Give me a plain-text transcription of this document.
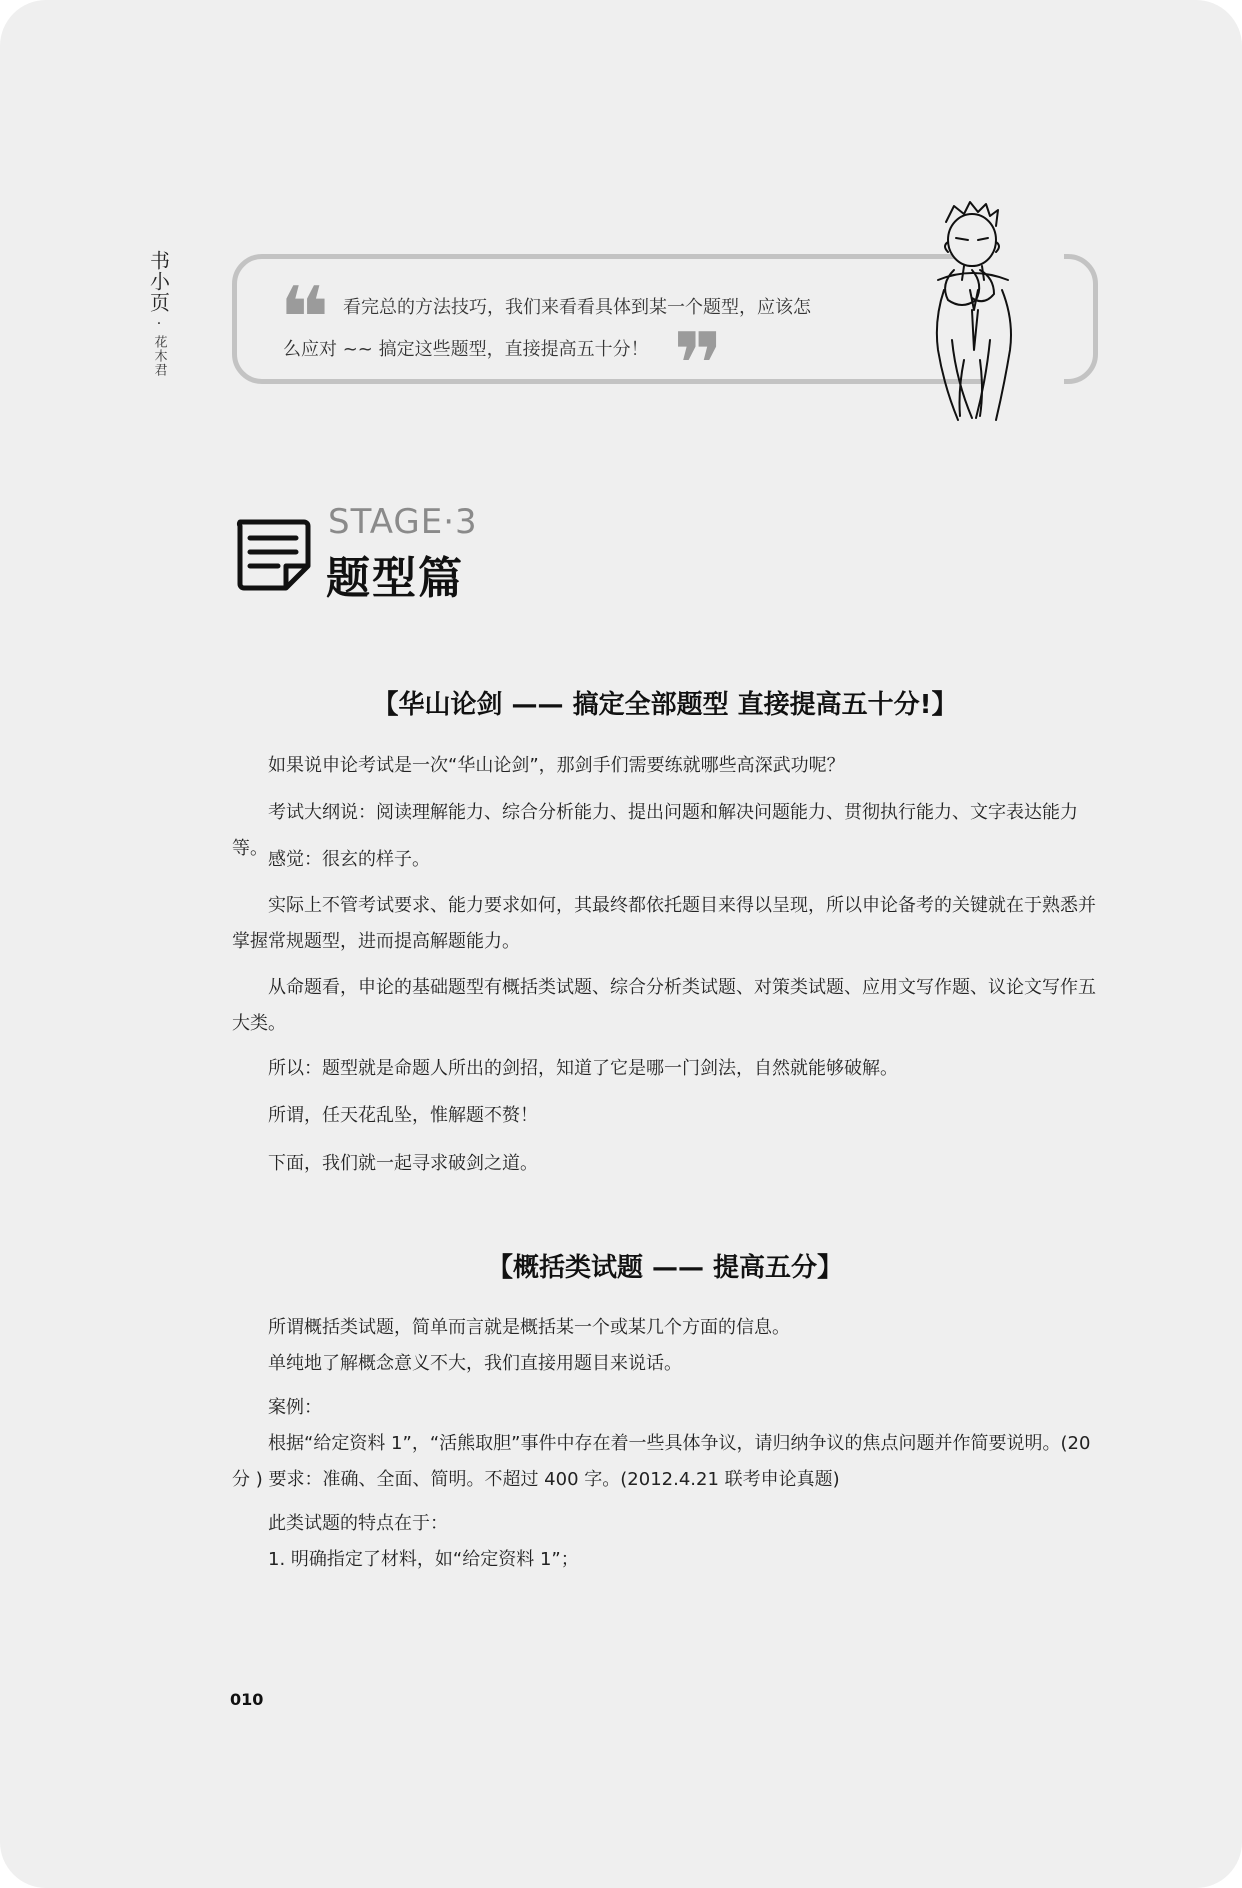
书小页
·
花木君 ❝ 看完总的方法技巧，我们来看看具体到某一个题型，应该怎
么应对 ~~ 搞定这些题型，直接提高五十分！ ❞
STAGE·3
题型篇
【华山论剑 —— 搞定全部题型 直接提高五十分!】

如果说申论考试是一次“华山论剑”，那剑手们需要练就哪些高深武功呢？

考试大纲说：阅读理解能力、综合分析能力、提出问题和解决问题能力、贯彻执行能力、文字表达能力等。

感觉：很玄的样子。

实际上不管考试要求、能力要求如何，其最终都依托题目来得以呈现，所以申论备考的关键就在于熟悉并掌握常规题型，进而提高解题能力。

从命题看，申论的基础题型有概括类试题、综合分析类试题、对策类试题、应用文写作题、议论文写作五大类。

所以：题型就是命题人所出的剑招，知道了它是哪一门剑法，自然就能够破解。

所谓，任天花乱坠，惟解题不赘！

下面，我们就一起寻求破剑之道。

【概括类试题 —— 提高五分】

所谓概括类试题，简单而言就是概括某一个或某几个方面的信息。

单纯地了解概念意义不大，我们直接用题目来说话。

案例：

根据“给定资料 1”，“活熊取胆”事件中存在着一些具体争议，请归纳争议的焦点问题并作简要说明。(20 分 ) 要求：准确、全面、简明。不超过 400 字。(2012.4.21 联考申论真题)

此类试题的特点在于：

1. 明确指定了材料，如“给定资料 1”；

010
